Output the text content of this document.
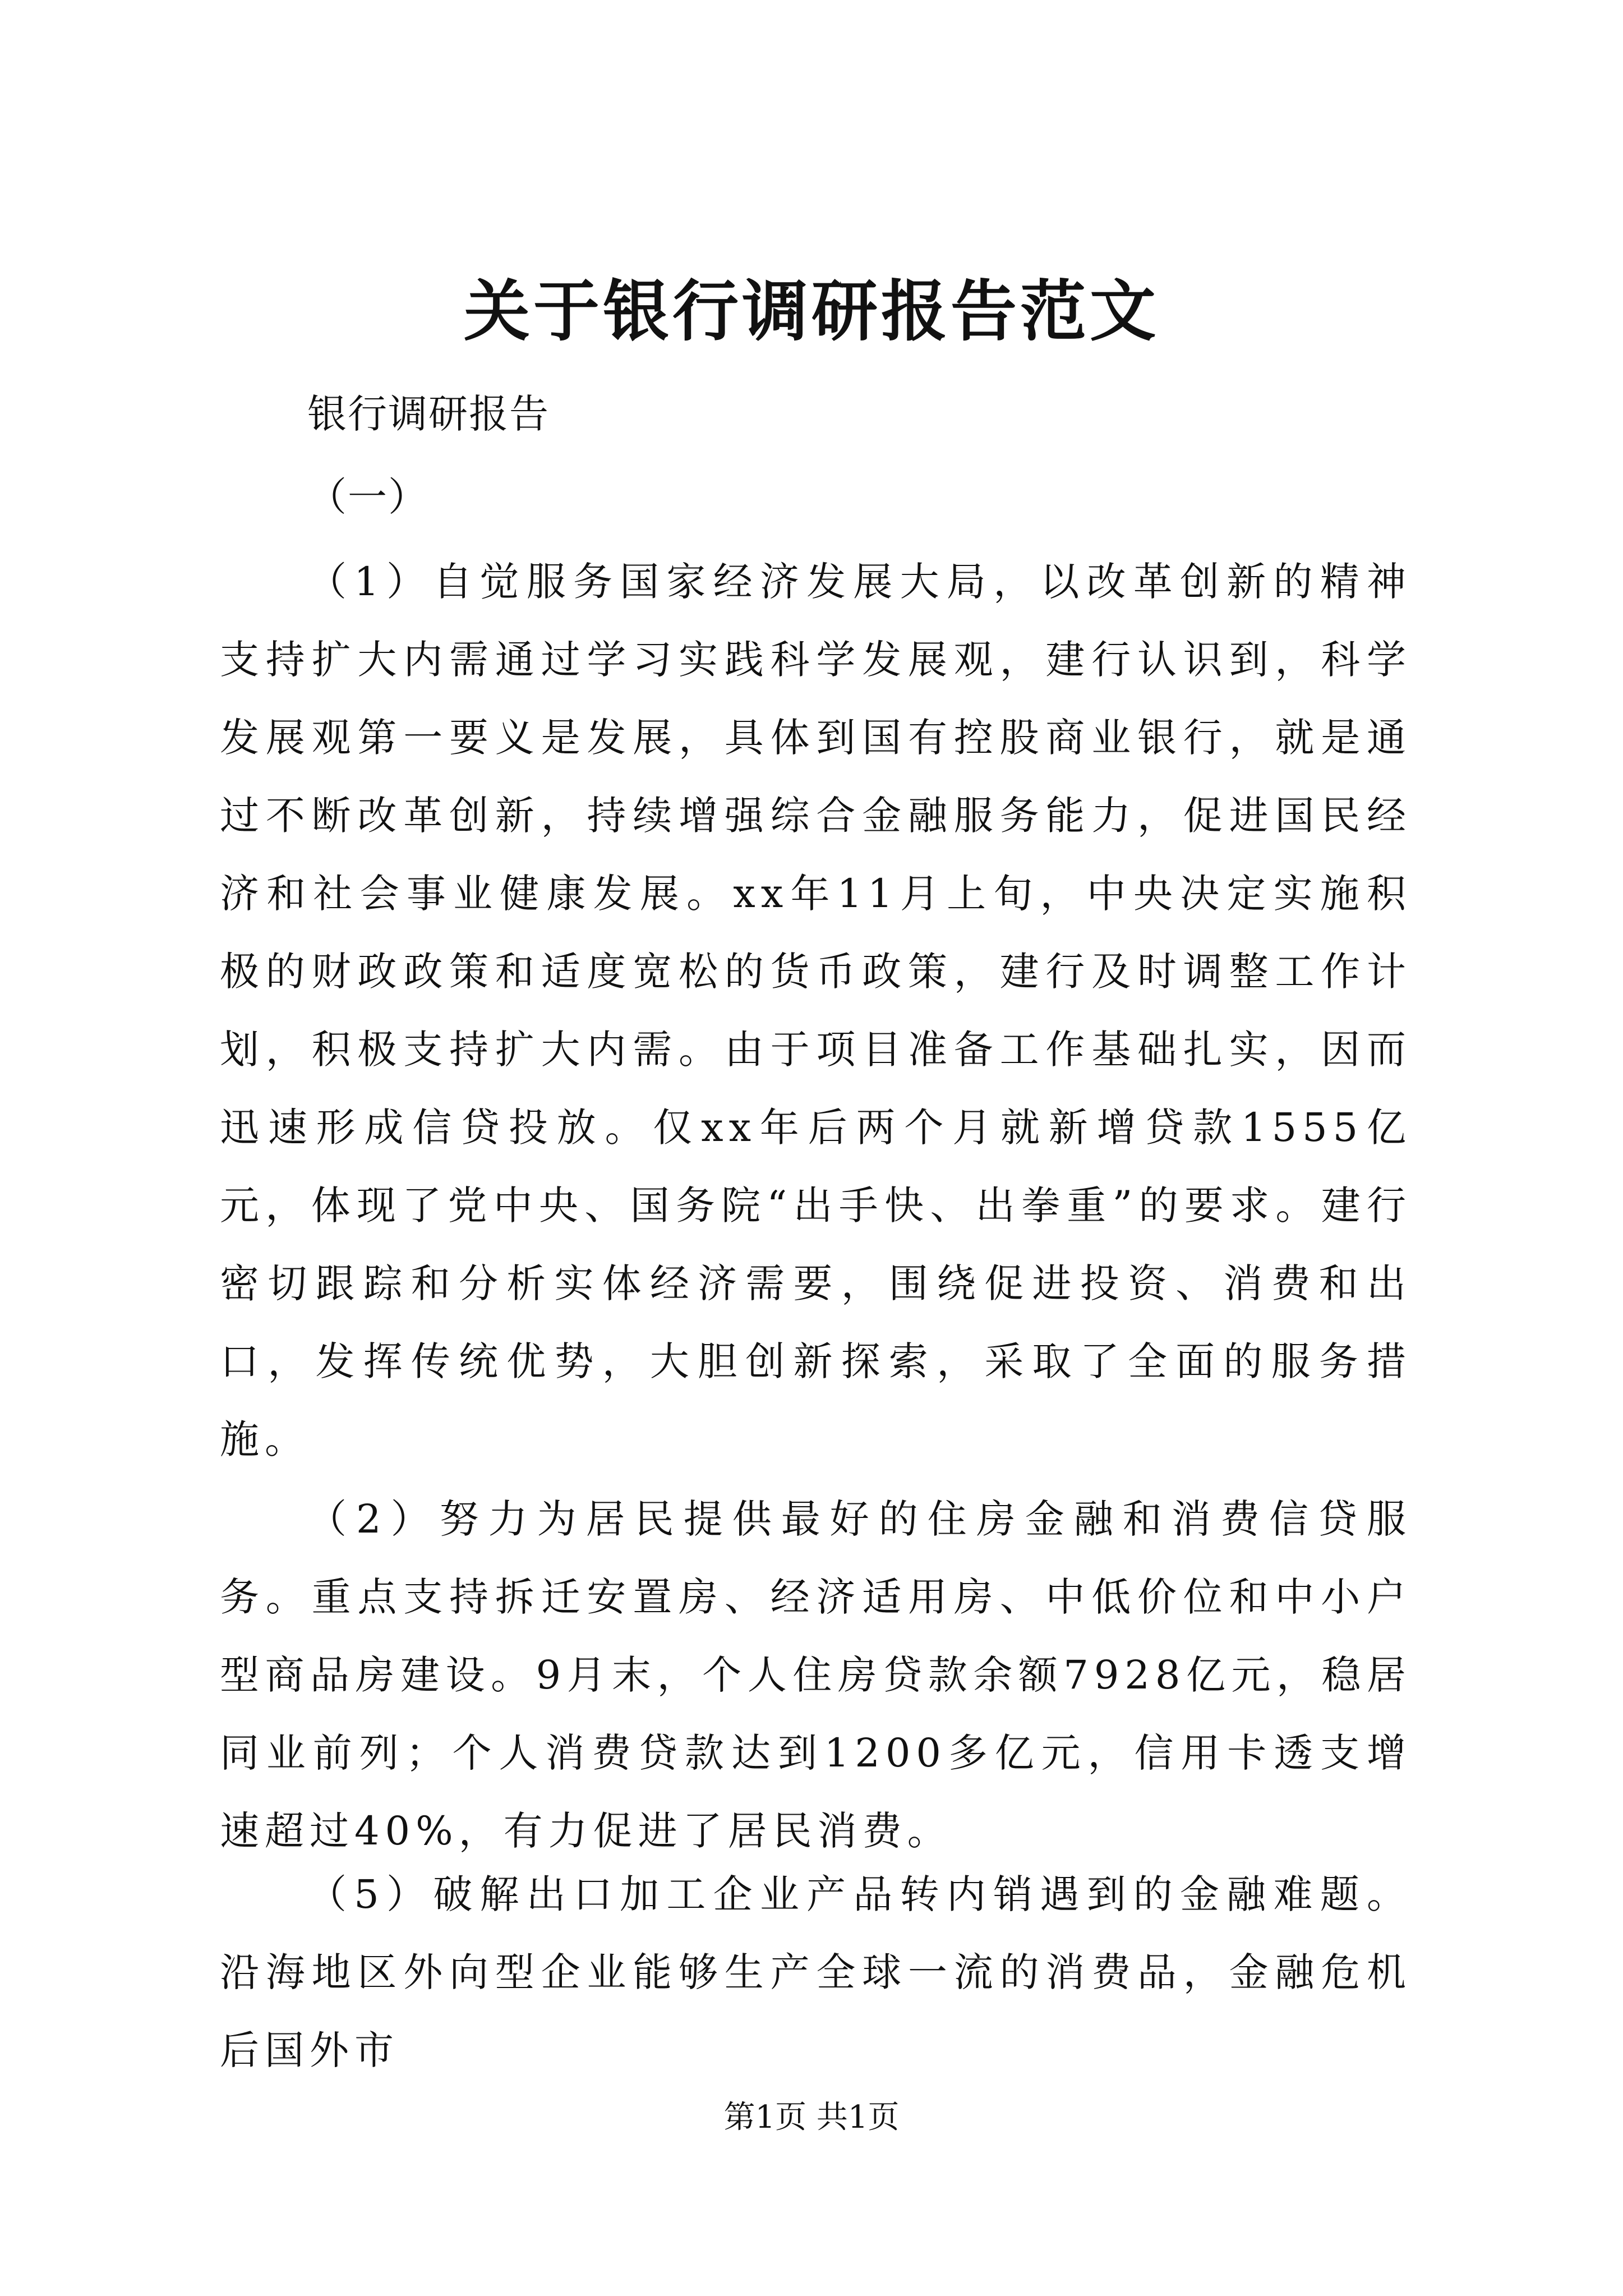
关于银行调研报告范文

银行调研报告

（一）

（1）自觉服务国家经济发展大局，以改革创新的精神支持扩大内需通过学习实践科学发展观，建行认识到，科学发展观第一要义是发展，具体到国有控股商业银行，就是通过不断改革创新，持续增强综合金融服务能力，促进国民经济和社会事业健康发展。xx年11月上旬，中央决定实施积极的财政政策和适度宽松的货币政策，建行及时调整工作计划，积极支持扩大内需。由于项目准备工作基础扎实，因而迅速形成信贷投放。仅xx年后两个月就新增贷款1555亿元，体现了党中央、国务院“出手快、出拳重”的要求。建行密切跟踪和分析实体经济需要，围绕促进投资、消费和出口，发挥传统优势，大胆创新探索，采取了全面的服务措施。

（2）努力为居民提供最好的住房金融和消费信贷服务。重点支持拆迁安置房、经济适用房、中低价位和中小户型商品房建设。9月末，个人住房贷款余额7928亿元，稳居同业前列；个人消费贷款达到1200多亿元，信用卡透支增速超过40%，有力促进了居民消费。

（5）破解出口加工企业产品转内销遇到的金融难题。沿海地区外向型企业能够生产全球一流的消费品，金融危机后国外市

第1页 共1页
